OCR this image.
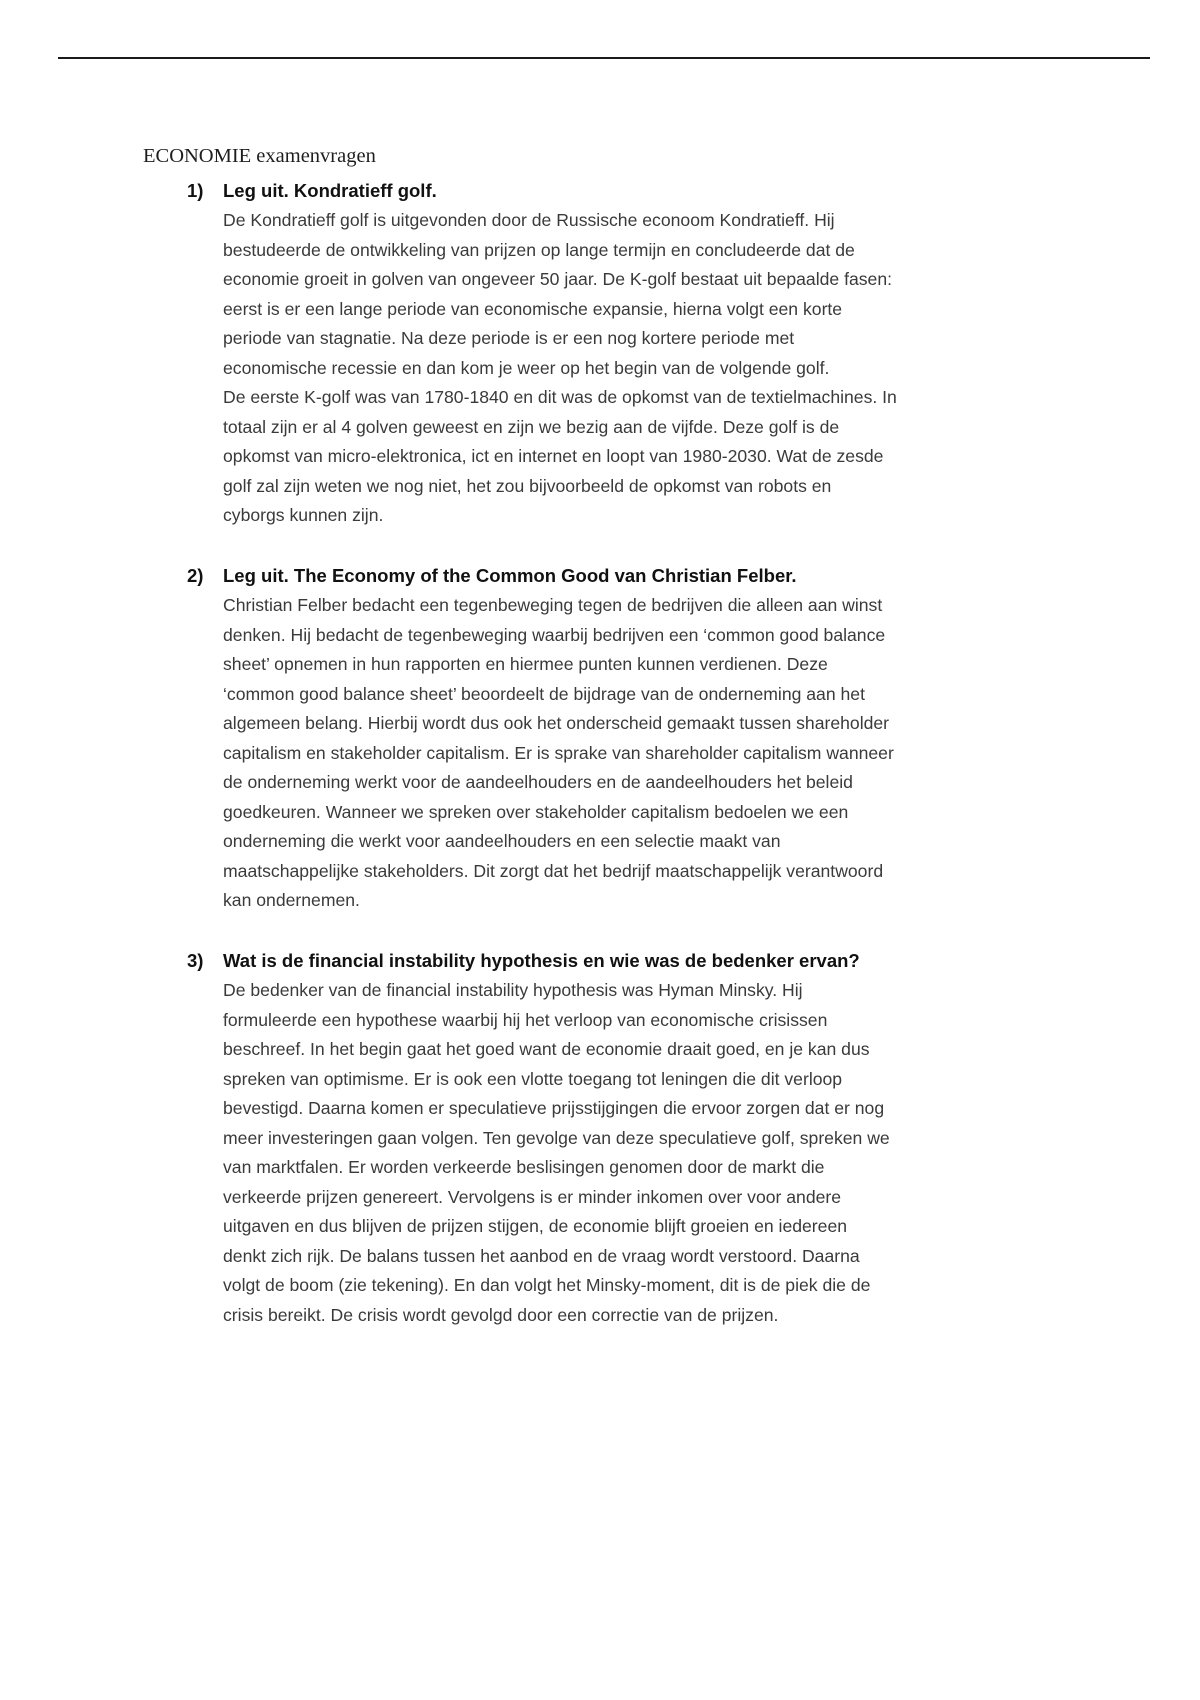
ECONOMIE examenvragen
1) Leg uit. Kondratieff golf.
De Kondratieff golf is uitgevonden door de Russische econoom Kondratieff. Hij
bestudeerde de ontwikkeling van prijzen op lange termijn en concludeerde dat de
economie groeit in golven van ongeveer 50 jaar. De K-golf bestaat uit bepaalde fasen:
eerst is er een lange periode van economische expansie, hierna volgt een korte
periode van stagnatie. Na deze periode is er een nog kortere periode met
economische recessie en dan kom je weer op het begin van de volgende golf.
De eerste K-golf was van 1780-1840 en dit was de opkomst van de textielmachines. In
totaal zijn er al 4 golven geweest en zijn we bezig aan de vijfde. Deze golf is de
opkomst van micro-elektronica, ict en internet en loopt van 1980-2030. Wat de zesde
golf zal zijn weten we nog niet, het zou bijvoorbeeld de opkomst van robots en
cyborgs kunnen zijn.
2) Leg uit. The Economy of the Common Good van Christian Felber.
Christian Felber bedacht een tegenbeweging tegen de bedrijven die alleen aan winst
denken. Hij bedacht de tegenbeweging waarbij bedrijven een ‘common good balance
sheet’ opnemen in hun rapporten en hiermee punten kunnen verdienen. Deze
‘common good balance sheet’ beoordeelt de bijdrage van de onderneming aan het
algemeen belang. Hierbij wordt dus ook het onderscheid gemaakt tussen shareholder
capitalism en stakeholder capitalism. Er is sprake van shareholder capitalism wanneer
de onderneming werkt voor de aandeelhouders en de aandeelhouders het beleid
goedkeuren. Wanneer we spreken over stakeholder capitalism bedoelen we een
onderneming die werkt voor aandeelhouders en een selectie maakt van
maatschappelijke stakeholders. Dit zorgt dat het bedrijf maatschappelijk verantwoord
kan ondernemen.
3) Wat is de financial instability hypothesis en wie was de bedenker ervan?
De bedenker van de financial instability hypothesis was Hyman Minsky. Hij
formuleerde een hypothese waarbij hij het verloop van economische crisissen
beschreef. In het begin gaat het goed want de economie draait goed, en je kan dus
spreken van optimisme. Er is ook een vlotte toegang tot leningen die dit verloop
bevestigd. Daarna komen er speculatieve prijsstijgingen die ervoor zorgen dat er nog
meer investeringen gaan volgen. Ten gevolge van deze speculatieve golf, spreken we
van marktfalen. Er worden verkeerde beslisingen genomen door de markt die
verkeerde prijzen genereert. Vervolgens is er minder inkomen over voor andere
uitgaven en dus blijven de prijzen stijgen, de economie blijft groeien en iedereen
denkt zich rijk. De balans tussen het aanbod en de vraag wordt verstoord. Daarna
volgt de boom (zie tekening). En dan volgt het Minsky-moment, dit is de piek die de
crisis bereikt. De crisis wordt gevolgd door een correctie van de prijzen.
